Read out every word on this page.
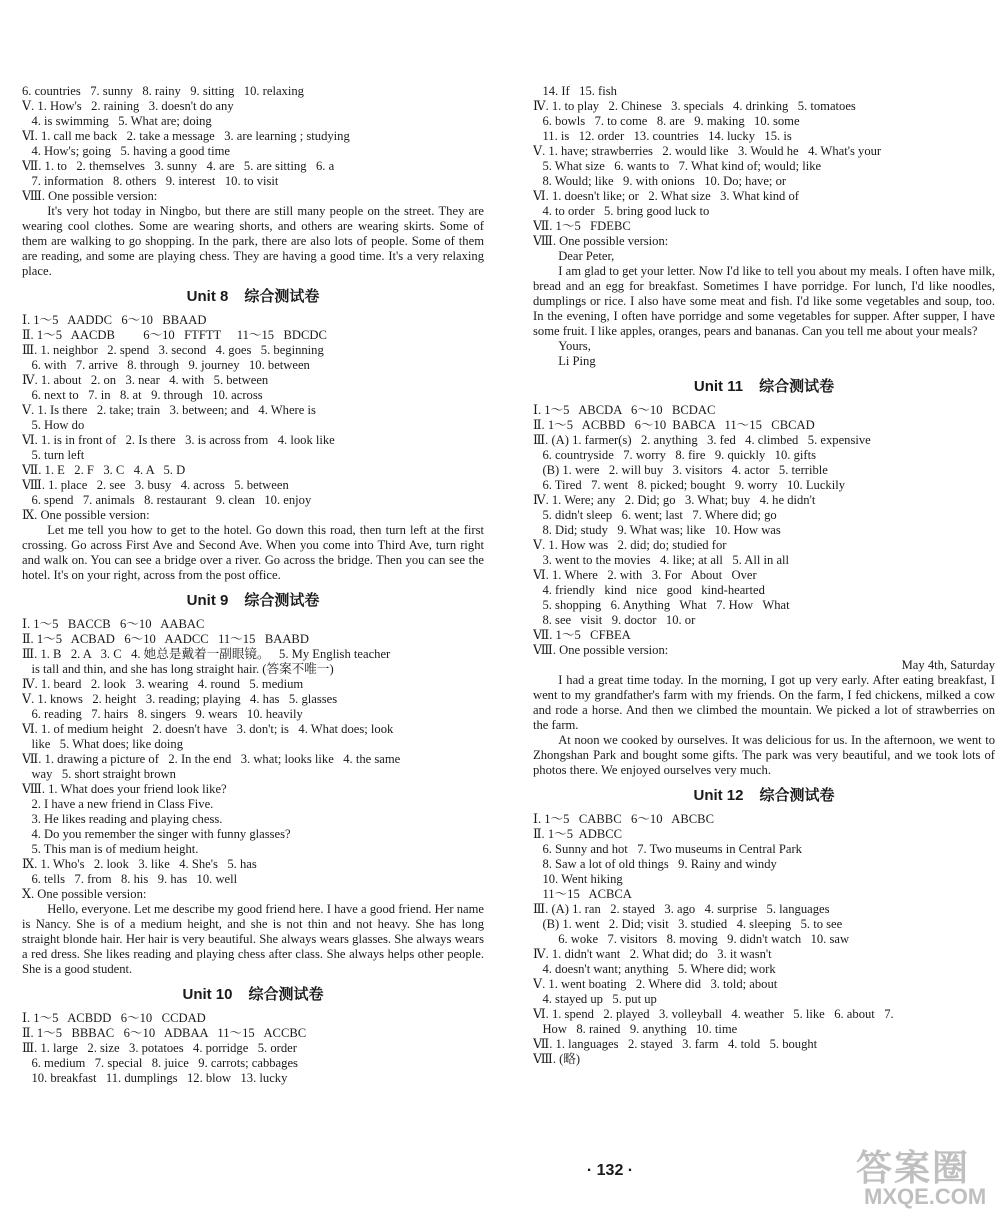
6. countries   7. sunny   8. rainy   9. sitting   10. relaxing
Ⅴ. 1. How's   2. raining   3. doesn't do any
4. is swimming   5. What are; doing
Ⅵ. 1. call me back   2. take a message   3. are learning ; studying
4. How's; going   5. having a good time
Ⅶ. 1. to   2. themselves   3. sunny   4. are   5. are sitting   6. a
7. information   8. others   9. interest   10. to visit
Ⅷ. One possible version:

It's very hot today in Ningbo, but there are still many people on the street. They are wearing cool clothes. Some are wearing shorts, and others are wearing skirts. Some of them are walking to go shopping. In the park, there are also lots of people. Some of them are reading, and some are playing chess. They are having a good time. It's a very relaxing place.

Unit 8 综合测试卷
Ⅰ. 1～5   AADDC   6～10   BBAAD
Ⅱ. 1～5   AACDB         6～10   FTFTT     11～15   BDCDC
Ⅲ. 1. neighbor   2. spend   3. second   4. goes   5. beginning
6. with   7. arrive   8. through   9. journey   10. between
Ⅳ. 1. about   2. on   3. near   4. with   5. between
6. next to   7. in   8. at   9. through   10. across
Ⅴ. 1. Is there   2. take; train   3. between; and   4. Where is
5. How do
Ⅵ. 1. is in front of   2. Is there   3. is across from   4. look like
5. turn left
Ⅶ. 1. E   2. F   3. C   4. A   5. D
Ⅷ. 1. place   2. see   3. busy   4. across   5. between
6. spend   7. animals   8. restaurant   9. clean   10. enjoy
Ⅸ. One possible version:

Let me tell you how to get to the hotel. Go down this road, then turn left at the first crossing. Go across First Ave and Second Ave. When you come into Third Ave, turn right and walk on. You can see a bridge over a river. Go across the bridge. Then you can see the hotel. It's on your right, across from the post office.

Unit 9 综合测试卷
Ⅰ. 1～5   BACCB   6～10   AABAC
Ⅱ. 1～5   ACBAD   6～10   AADCC   11～15   BAABD
Ⅲ. 1. B   2. A   3. C   4. 她总是戴着一副眼镜。   5. My English teacher
is tall and thin, and she has long straight hair. (答案不唯一)
Ⅳ. 1. beard   2. look   3. wearing   4. round   5. medium
Ⅴ. 1. knows   2. height   3. reading; playing   4. has   5. glasses
6. reading   7. hairs   8. singers   9. wears   10. heavily
Ⅵ. 1. of medium height   2. doesn't have   3. don't; is   4. What does; look
like   5. What does; like doing
Ⅶ. 1. drawing a picture of   2. In the end   3. what; looks like   4. the same
way   5. short straight brown
Ⅷ. 1. What does your friend look like?
2. I have a new friend in Class Five.
3. He likes reading and playing chess.
4. Do you remember the singer with funny glasses?
5. This man is of medium height.
Ⅸ. 1. Who's   2. look   3. like   4. She's   5. has
6. tells   7. from   8. his   9. has   10. well
Ⅹ. One possible version:

Hello, everyone. Let me describe my good friend here. I have a good friend. Her name is Nancy. She is of a medium height, and she is not thin and not heavy. She has long straight blonde hair. Her hair is very beautiful. She always wears glasses. She always wears a red dress. She likes reading and playing chess after class. She always helps other people. She is a good student.

Unit 10 综合测试卷
Ⅰ. 1～5   ACBDD   6～10   CCDAD
Ⅱ. 1～5   BBBAC   6～10   ADBAA   11～15   ACCBC
Ⅲ. 1. large   2. size   3. potatoes   4. porridge   5. order
6. medium   7. special   8. juice   9. carrots; cabbages
10. breakfast   11. dumplings   12. blow   13. lucky
14. If   15. fish
Ⅳ. 1. to play   2. Chinese   3. specials   4. drinking   5. tomatoes
6. bowls   7. to come   8. are   9. making   10. some
11. is   12. order   13. countries   14. lucky   15. is
Ⅴ. 1. have; strawberries   2. would like   3. Would he   4. What's your
5. What size   6. wants to   7. What kind of; would; like
8. Would; like   9. with onions   10. Do; have; or
Ⅵ. 1. doesn't like; or   2. What size   3. What kind of
4. to order   5. bring good luck to
Ⅶ. 1～5   FDEBC
Ⅷ. One possible version:
Dear Peter,

I am glad to get your letter. Now I'd like to tell you about my meals. I often have milk, bread and an egg for breakfast. Sometimes I have porridge. For lunch, I'd like noodles, dumplings or rice. I also have some meat and fish. I'd like some vegetables and soup, too. In the evening, I often have porridge and some vegetables for supper. After supper, I have some fruit. I like apples, oranges, pears and bananas. Can you tell me about your meals?

Yours,
Li Ping
Unit 11 综合测试卷
Ⅰ. 1～5   ABCDA   6～10   BCDAC
Ⅱ. 1～5   ACBBD   6～10  BABCA   11～15   CBCAD
Ⅲ. (A) 1. farmer(s)   2. anything   3. fed   4. climbed   5. expensive
6. countryside   7. worry   8. fire   9. quickly   10. gifts
(B) 1. were   2. will buy   3. visitors   4. actor   5. terrible
6. Tired   7. went   8. picked; bought   9. worry   10. Luckily
Ⅳ. 1. Were; any   2. Did; go   3. What; buy   4. he didn't
5. didn't sleep   6. went; last   7. Where did; go
8. Did; study   9. What was; like   10. How was
Ⅴ. 1. How was   2. did; do; studied for
3. went to the movies   4. like; at all   5. All in all
Ⅵ. 1. Where   2. with   3. For   About   Over
4. friendly   kind   nice   good   kind-hearted
5. shopping   6. Anything   What   7. How   What
8. see   visit   9. doctor   10. or
Ⅶ. 1～5   CFBEA
Ⅷ. One possible version:
May 4th, Saturday

I had a great time today. In the morning, I got up very early. After eating breakfast, I went to my grandfather's farm with my friends. On the farm, I fed chickens, milked a cow and rode a horse. And then we climbed the mountain. We picked a lot of strawberries on the farm.

At noon we cooked by ourselves. It was delicious for us. In the afternoon, we went to Zhongshan Park and bought some gifts. The park was very beautiful, and we took lots of photos there. We enjoyed ourselves very much.

Unit 12 综合测试卷
Ⅰ. 1～5   CABBC   6～10   ABCBC
Ⅱ. 1～5  ADBCC
6. Sunny and hot   7. Two museums in Central Park
8. Saw a lot of old things   9. Rainy and windy
10. Went hiking
11～15   ACBCA
Ⅲ. (A) 1. ran   2. stayed   3. ago   4. surprise   5. languages
(B) 1. went   2. Did; visit   3. studied   4. sleeping   5. to see
6. woke   7. visitors   8. moving   9. didn't watch   10. saw
Ⅳ. 1. didn't want   2. What did; do   3. it wasn't
4. doesn't want; anything   5. Where did; work
Ⅴ. 1. went boating   2. Where did   3. told; about
4. stayed up   5. put up
Ⅵ. 1. spend   2. played   3. volleyball   4. weather   5. like   6. about   7.
How   8. rained   9. anything   10. time
Ⅶ. 1. languages   2. stayed   3. farm   4. told   5. bought
Ⅷ. (略)
· 132 ·	答案圈
MXQE.COM
